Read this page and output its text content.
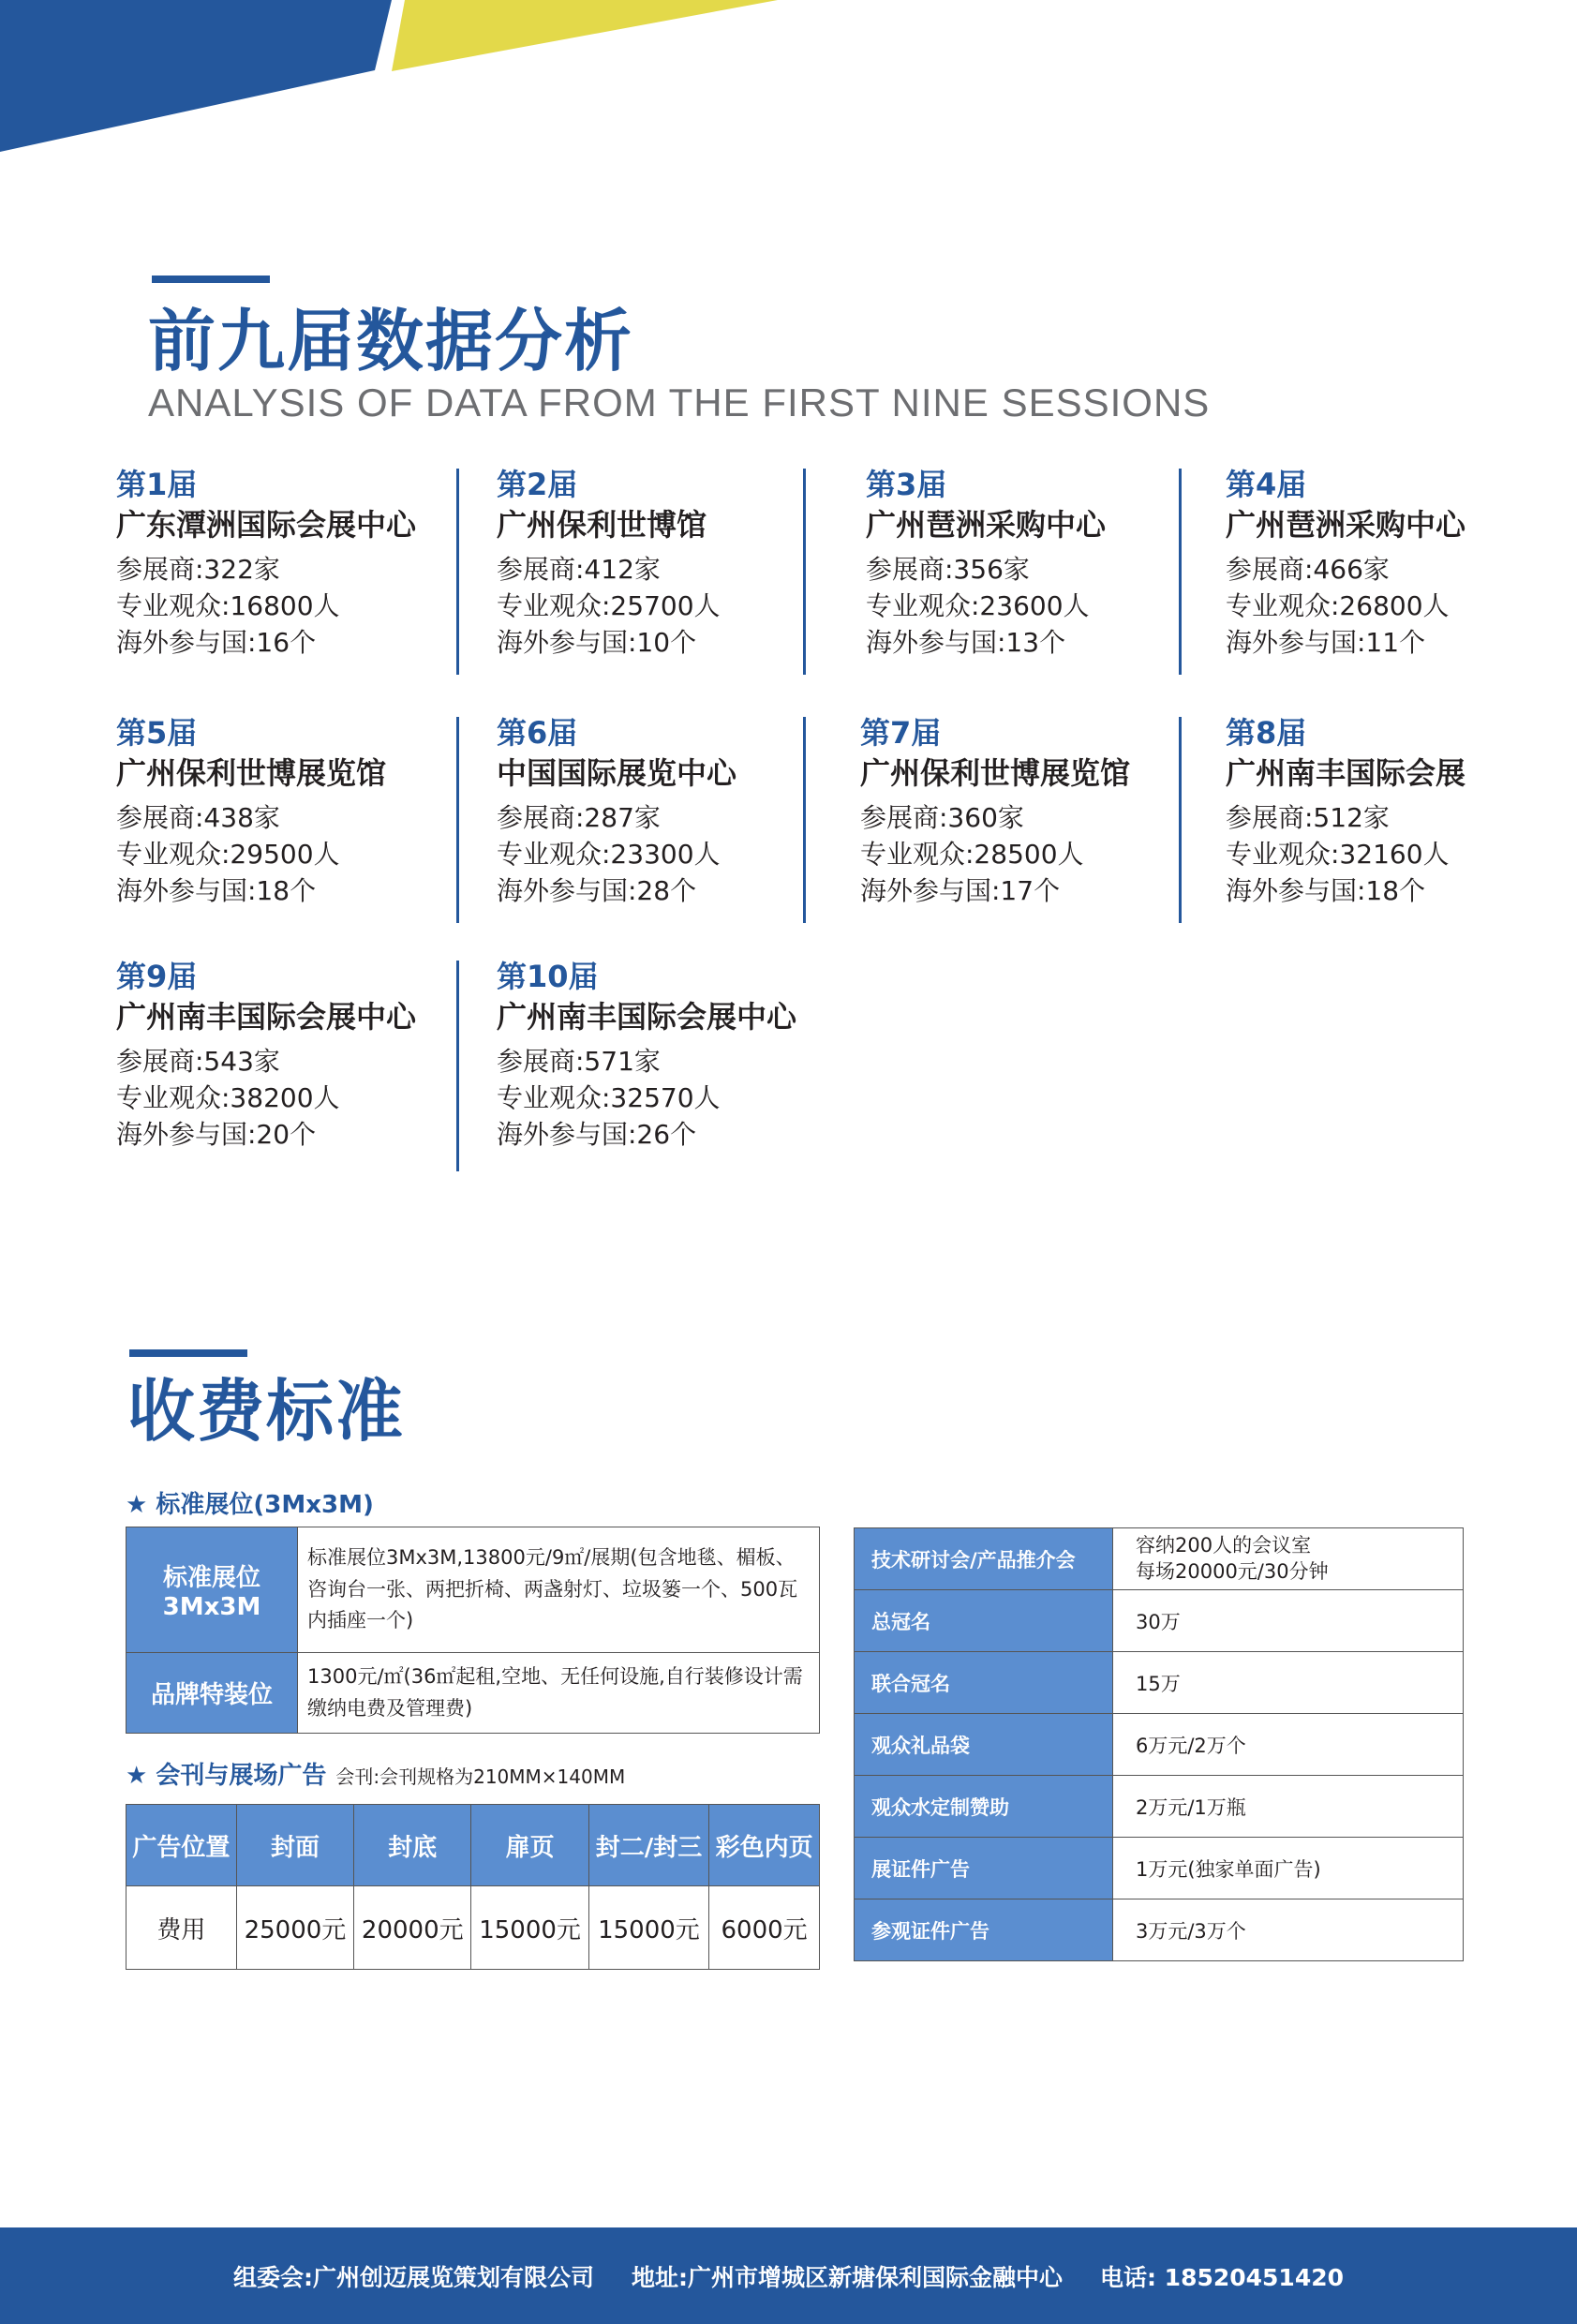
前九届数据分析
ANALYSIS OF DATA FROM THE FIRST NINE SESSIONS
第1届
广东潭洲国际会展中心
参展商:322家
专业观众:16800人
海外参与国:16个
第2届
广州保利世博馆
参展商:412家
专业观众:25700人
海外参与国:10个
第3届
广州琶洲采购中心
参展商:356家
专业观众:23600人
海外参与国:13个
第4届
广州琶洲采购中心
参展商:466家
专业观众:26800人
海外参与国:11个
第5届
广州保利世博展览馆
参展商:438家
专业观众:29500人
海外参与国:18个
第6届
中国国际展览中心
参展商:287家
专业观众:23300人
海外参与国:28个
第7届
广州保利世博展览馆
参展商:360家
专业观众:28500人
海外参与国:17个
第8届
广州南丰国际会展
参展商:512家
专业观众:32160人
海外参与国:18个
第9届
广州南丰国际会展中心
参展商:543家
专业观众:38200人
海外参与国:20个
第10届
广州南丰国际会展中心
参展商:571家
专业观众:32570人
海外参与国:26个
收费标准
★ 标准展位(3Mx3M)
标准展位
3Mx3M	标准展位3Mx3M,13800元/9㎡/展期(包含地毯、楣板、咨询台一张、两把折椅、两盏射灯、垃圾篓一个、500瓦内插座一个)

品牌特装位	1300元/㎡(36㎡起租,空地、无任何设施,自行装修设计需缴纳电费及管理费)
★ 会刊与展场广告 会刊:会刊规格为210MM×140MM
广告位置	封面	封底	扉页	封二/封三	彩色内页
费用	25000元	20000元	15000元	15000元	6000元
技术研讨会/产品推介会	容纳200人的会议室
每场20000元/30分钟

总冠名	30万
联合冠名	15万
观众礼品袋	6万元/2万个
观众水定制赞助	2万元/1万瓶
展证件广告	1万元(独家单面广告)
参观证件广告	3万元/3万个
组委会:广州创迈展览策划有限公司 地址:广州市增城区新塘保利国际金融中心 电话: 18520451420
